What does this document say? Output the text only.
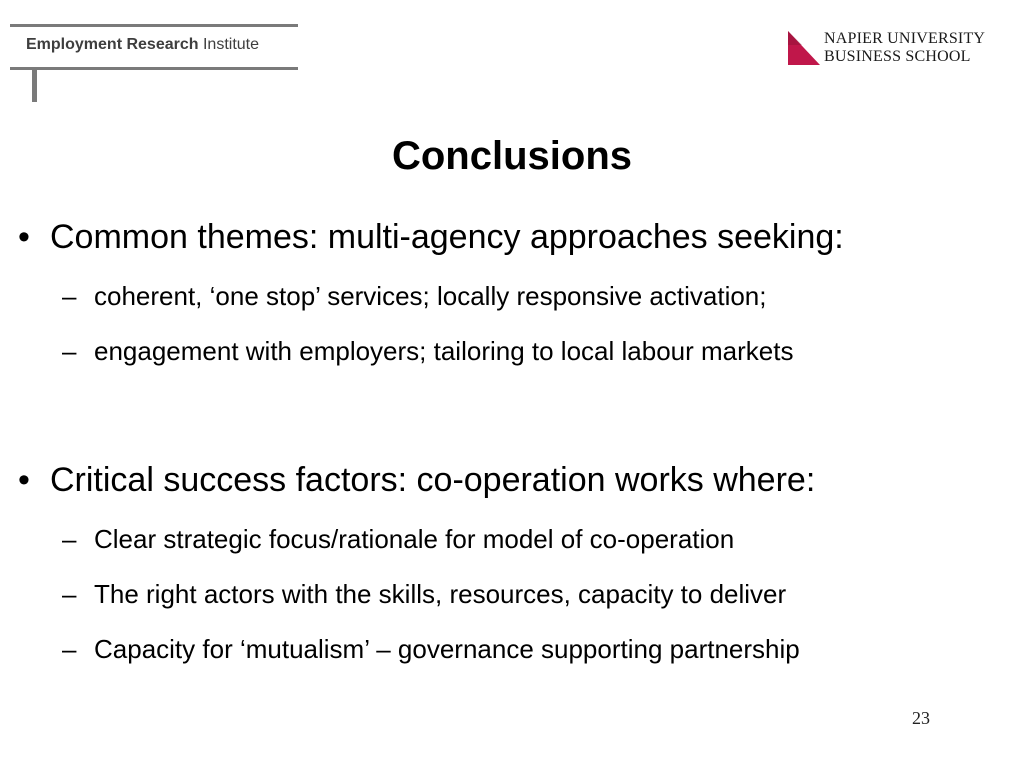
Employment Research Institute	NAPIER UNIVERSITY
BUSINESS SCHOOL
Conclusions
• Common themes: multi-agency approaches seeking:
– coherent, ‘one stop’ services; locally responsive activation;
– engagement with employers; tailoring to local labour markets
• Critical success factors: co-operation works where:
– Clear strategic focus/rationale for model of co-operation
– The right actors with the skills, resources, capacity to deliver
– Capacity for ‘mutualism’ – governance supporting partnership
23
